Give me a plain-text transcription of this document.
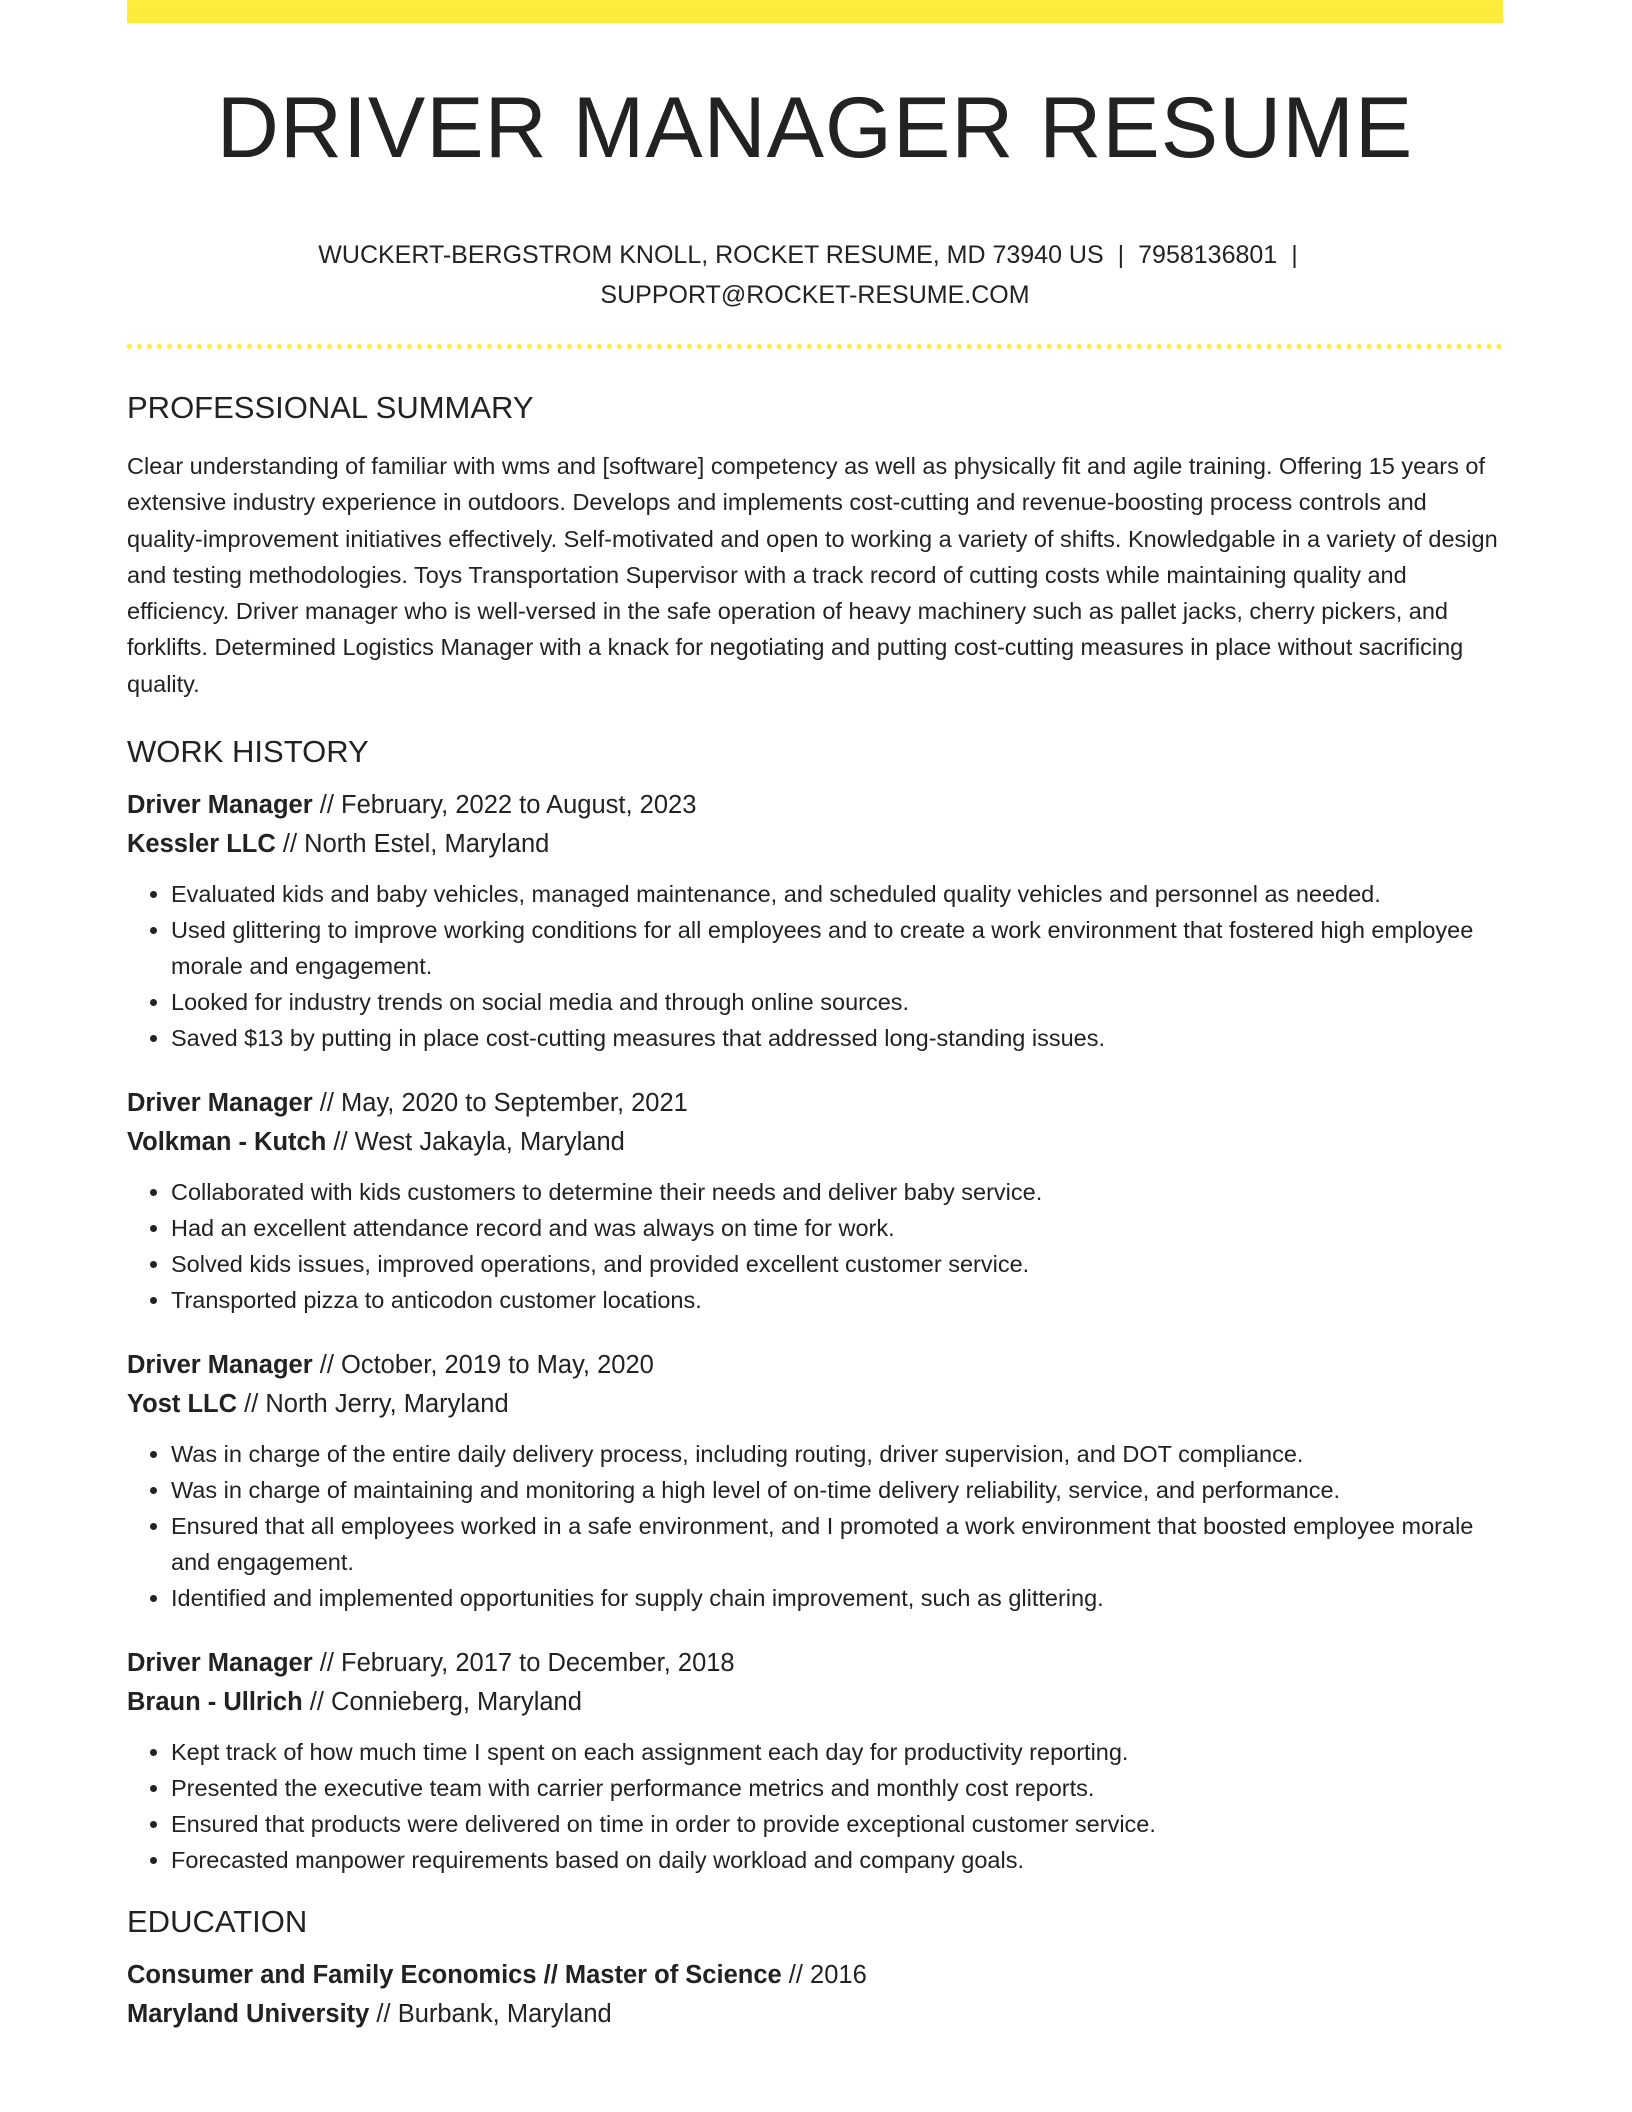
DRIVER MANAGER RESUME
WUCKERT-BERGSTROM KNOLL, ROCKET RESUME, MD 73940 US | 7958136801 |
SUPPORT@ROCKET-RESUME.COM
PROFESSIONAL SUMMARY

Clear understanding of familiar with wms and [software] competency as well as physically fit and agile training. Offering 15 years of extensive industry experience in outdoors. Develops and implements cost-cutting and revenue-boosting process controls and quality-improvement initiatives effectively. Self-motivated and open to working a variety of shifts. Knowledgable in a variety of design and testing methodologies. Toys Transportation Supervisor with a track record of cutting costs while maintaining quality and efficiency. Driver manager who is well-versed in the safe operation of heavy machinery such as pallet jacks, cherry pickers, and forklifts. Determined Logistics Manager with a knack for negotiating and putting cost-cutting measures in place without sacrificing quality.

WORK HISTORY
Driver Manager // February, 2022 to August, 2023
Kessler LLC // North Estel, Maryland
• Evaluated kids and baby vehicles, managed maintenance, and scheduled quality vehicles and personnel as needed.
• Used glittering to improve working conditions for all employees and to create a work environment that fostered high employee morale and engagement.
• Looked for industry trends on social media and through online sources.
• Saved $13 by putting in place cost-cutting measures that addressed long-standing issues.
Driver Manager // May, 2020 to September, 2021
Volkman - Kutch // West Jakayla, Maryland
• Collaborated with kids customers to determine their needs and deliver baby service.
• Had an excellent attendance record and was always on time for work.
• Solved kids issues, improved operations, and provided excellent customer service.
• Transported pizza to anticodon customer locations.
Driver Manager // October, 2019 to May, 2020
Yost LLC // North Jerry, Maryland
• Was in charge of the entire daily delivery process, including routing, driver supervision, and DOT compliance.
• Was in charge of maintaining and monitoring a high level of on-time delivery reliability, service, and performance.
• Ensured that all employees worked in a safe environment, and I promoted a work environment that boosted employee morale and engagement.
• Identified and implemented opportunities for supply chain improvement, such as glittering.
Driver Manager // February, 2017 to December, 2018
Braun - Ullrich // Connieberg, Maryland
• Kept track of how much time I spent on each assignment each day for productivity reporting.
• Presented the executive team with carrier performance metrics and monthly cost reports.
• Ensured that products were delivered on time in order to provide exceptional customer service.
• Forecasted manpower requirements based on daily workload and company goals.
EDUCATION
Consumer and Family Economics // Master of Science // 2016
Maryland University // Burbank, Maryland
